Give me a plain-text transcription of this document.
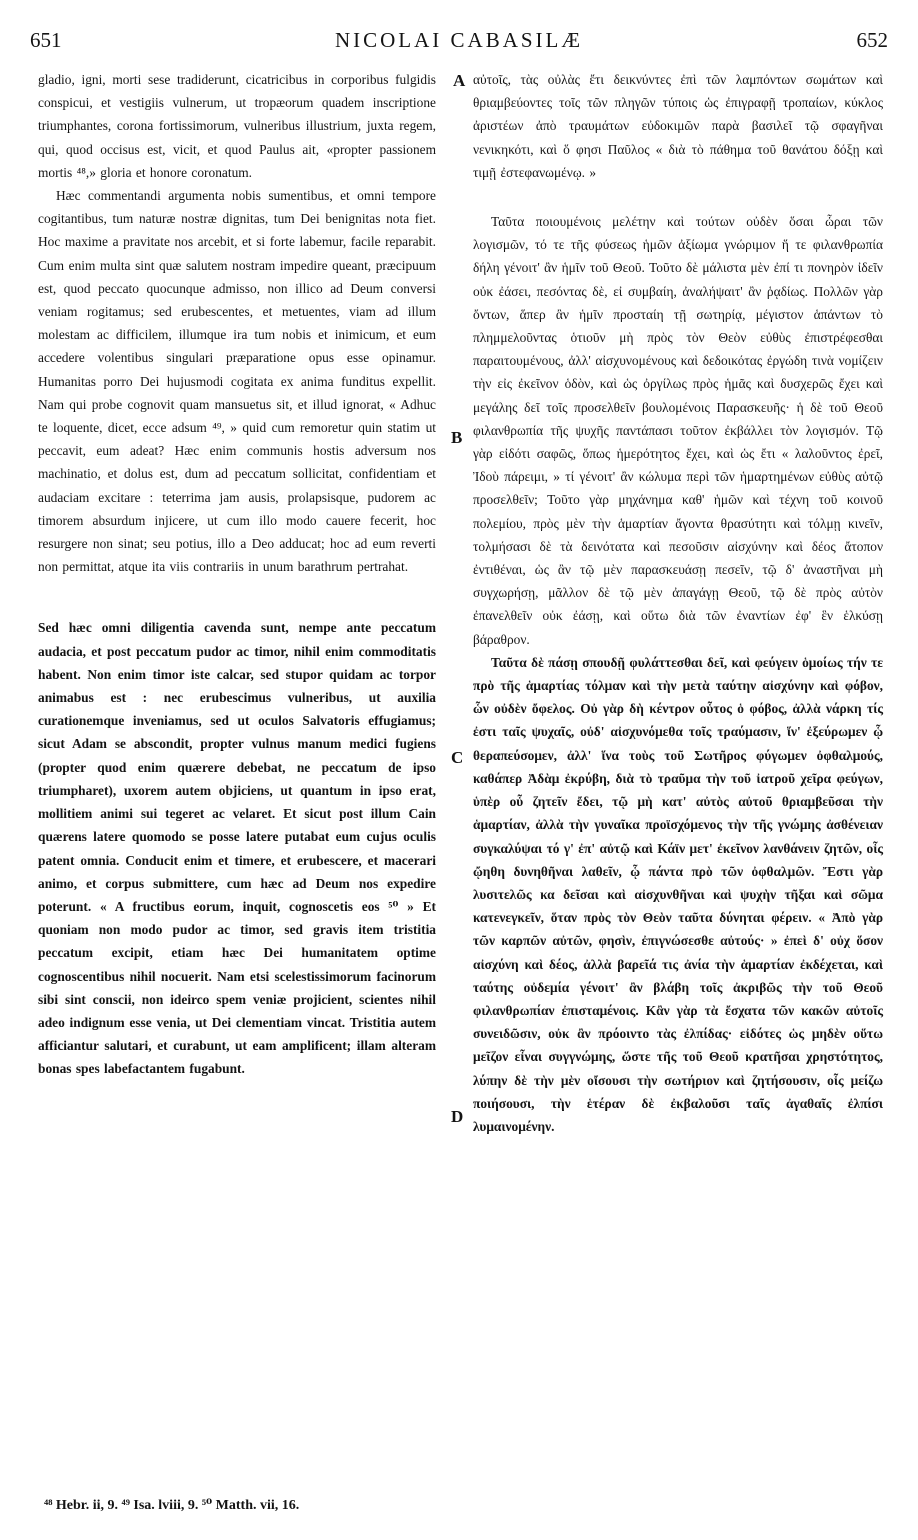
651	NICOLAI CABASILÆ	652

gladio, igni, morti sese tradiderunt, cicatricibus in corporibus fulgidis conspicui, et vestigiis vulnerum, ut tropæorum quadem inscriptione triumphantes, corona fortissimorum, vulneribus illustrium, juxta regem, qui, quod occisus est, vicit, et quod Paulus ait, «propter passionem mortis ⁴⁸,» gloria et honore coronatum.

Hæc commentandi argumenta nobis sumentibus, et omni tempore cogitantibus, tum naturæ nostræ dignitas, tum Dei benignitas nota fiet. Hoc maxime a pravitate nos arcebit, et si forte labemur, facile reparabit. Cum enim multa sint quæ salutem nostram impedire queant, præcipuum est, quod peccato quocunque admisso, non illico ad Deum conversi veniam rogitamus; sed erubescentes, et metuentes, viam ad illum molestam ac difficilem, illumque ira tum nobis et inimicum, et eum accedere volentibus singulari præparatione opus esse opinamur. Humanitas porro Dei hujusmodi cogitata ex anima funditus expellit. Nam qui probe cognovit quam mansuetus sit, et illud ignorat, « Adhuc te loquente, dicet, ecce adsum ⁴⁹, » quid cum remoretur quin statim ut peccavit, eum adeat? Hæc enim communis hostis adversum nos machinatio, et dolus est, dum ad peccatum sollicitat, confidentiam et audaciam excitare : teterrima jam ausis, prolapsisque, pudorem ac timorem absurdum injicere, ut cum illo modo cauere fecerit, hoc resurgere non sinat; seu potius, illo a Deo adducat; hoc ad eum reverti non permittat, atque ita viis contrariis in unum barathrum pertrahat.

Sed hæc omni diligentia cavenda sunt, nempe ante peccatum audacia, et post peccatum pudor ac timor, nihil enim commoditatis habent. Non enim timor iste calcar, sed stupor quidam ac torpor animabus est : nec erubescimus vulneribus, ut auxilia curationemque inveniamus, sed ut oculos Salvatoris effugiamus; sicut Adam se abscondit, propter vulnus manum medici fugiens (propter quod enim quærere debebat, ne peccatum de ipso triumpharet), uxorem autem objiciens, ut quantum in ipso erat, mollitiem animi sui tegeret ac velaret. Et sicut post illum Cain quærens latere quomodo se posse latere putabat eum cujus oculis patent omnia. Conducit enim et timere, et erubescere, et macerari animo, et corpus submittere, cum hæc ad Deum nos expedire poterunt. « A fructibus eorum, inquit, cognoscetis eos ⁵⁰ » Et quoniam non modo pudor ac timor, sed gravis item tristitia peccatum excipit, etiam hæc Dei humanitatem optime cognoscentibus nihil nocuerit. Nam etsi scelestissimorum facinorum sibi sint conscii, non ideirco spem veniæ projicient, scientes nihil adeo indignum esse venia, ut Dei clementiam vincat. Tristitia autem afficiantur salutari, et curabunt, ut eam amplificent; illam alteram bonas spes labefactantem fugabunt.

αὐτοῖς, τὰς οὐλὰς ἔτι δεικνύντες ἐπὶ τῶν λαμπόντων σωμάτων καὶ θριαμβεύοντες τοῖς τῶν πληγῶν τύποις ὡς ἐπιγραφῇ τροπαίων, κύκλος ἀριστέων ἀπὸ τραυμάτων εὐδοκιμῶν παρὰ βασιλεῖ τῷ σφαγῆναι νενικηκότι, καὶ ὅ φησι Παῦλος « διὰ τὸ πάθημα τοῦ θανάτου δόξῃ καὶ τιμῇ ἐστεφανωμένῳ. »

Ταῦτα ποιουμένοις μελέτην καὶ τούτων οὐδὲν ὅσαι ὧραι τῶν λογισμῶν, τό τε τῆς φύσεως ἡμῶν ἀξίωμα γνώριμον ἥ τε φιλανθρωπία δήλη γένοιτ' ἂν ἡμῖν τοῦ Θεοῦ. Τοῦτο δὲ μάλιστα μὲν ἐπί τι πονηρὸν ἰδεῖν οὐκ ἐάσει, πεσόντας δὲ, εἰ συμβαίη, ἀναλήψαιτ' ἂν ῥᾳδίως. Πολλῶν γὰρ ὄντων, ἅπερ ἂν ἡμῖν προσταίη τῇ σωτηρίᾳ, μέγιστον ἁπάντων τὸ πλημμελοῦντας ὁτιοῦν μὴ πρὸς τὸν Θεὸν εὐθὺς ἐπιστρέφεσθαι παραιτουμένους, ἀλλ' αἰσχυνομένους καὶ δεδοικότας ἐργώδη τινὰ νομίζειν τὴν εἰς ἐκεῖνον ὁδὸν, καὶ ὡς ὀργίλως πρὸς ἡμᾶς καὶ δυσχερῶς ἔχει καὶ μεγάλης δεῖ τοῖς προσελθεῖν βουλομένοις Παρασκευῆς· ἡ δὲ τοῦ Θεοῦ φιλανθρωπία τῆς ψυχῆς παντάπασι τοῦτον ἐκβάλλει τὸν λογισμόν. Τῷ γὰρ εἰδότι σαφῶς, ὅπως ἡμερότητος ἔχει, καὶ ὡς ἔτι « λαλοῦντος ἐρεῖ, Ἰδοὺ πάρειμι, » τί γένοιτ' ἂν κώλυμα περὶ τῶν ἡμαρτημένων εὐθὺς αὐτῷ προσελθεῖν; Τοῦτο γὰρ μηχάνημα καθ' ἡμῶν καὶ τέχνη τοῦ κοινοῦ πολεμίου, πρὸς μὲν τὴν ἁμαρτίαν ἄγοντα θρασύτητι καὶ τόλμῃ κινεῖν, τολμήσασι δὲ τὰ δεινότατα καὶ πεσοῦσιν αἰσχύνην καὶ δέος ἄτοπον ἐντιθέναι, ὡς ἂν τῷ μὲν παρασκευάσῃ πεσεῖν, τῷ δ' ἀναστῆναι μὴ συγχωρήσῃ, μᾶλλον δὲ τῷ μὲν ἀπαγάγῃ Θεοῦ, τῷ δὲ πρὸς αὐτὸν ἐπανελθεῖν οὐκ ἐάσῃ, καὶ οὕτω διὰ τῶν ἐναντίων ἐφ' ἓν ἑλκύσῃ βάραθρον.

Ταῦτα δὲ πάσῃ σπουδῇ φυλάττεσθαι δεῖ, καὶ φεύγειν ὁμοίως τήν τε πρὸ τῆς ἁμαρτίας τόλμαν καὶ τὴν μετὰ ταύτην αἰσχύνην καὶ φόβον, ὧν οὐδὲν ὄφελος. Οὐ γὰρ δὴ κέντρον οὗτος ὁ φόβος, ἀλλὰ νάρκη τίς ἐστι ταῖς ψυχαῖς, οὐδ' αἰσχυνόμεθα τοῖς τραύμασιν, ἵν' ἐξεύρωμεν ᾧ θεραπεύσομεν, ἀλλ' ἵνα τοὺς τοῦ Σωτῆρος φύγωμεν ὀφθαλμούς, καθάπερ Ἀδὰμ ἐκρύβη, διὰ τὸ τραῦμα τὴν τοῦ ἰατροῦ χεῖρα φεύγων, ὑπὲρ οὗ ζητεῖν ἔδει, τῷ μὴ κατ' αὐτὸς αὐτοῦ θριαμβεῦσαι τὴν ἁμαρτίαν, ἀλλὰ τὴν γυναῖκα προϊσχόμενος τὴν τῆς γνώμης ἀσθένειαν συγκαλύψαι τό γ' ἐπ' αὐτῷ καὶ Κάϊν μετ' ἐκεῖνον λανθάνειν ζητῶν, οἷς ᾤηθη δυνηθῆναι λαθεῖν, ᾧ πάντα πρὸ τῶν ὀφθαλμῶν. Ἔστι γὰρ λυσιτελῶς κα δεῖσαι καὶ αἰσχυνθῆναι καὶ ψυχὴν τῆξαι καὶ σῶμα κατενεγκεῖν, ὅταν πρὸς τὸν Θεὸν ταῦτα δύνηται φέρειν. « Ἀπὸ γὰρ τῶν καρπῶν αὐτῶν, φησὶν, ἐπιγνώσεσθε αὐτούς· » ἐπεὶ δ' οὐχ ὅσον αἰσχύνη καὶ δέος, ἀλλὰ βαρεῖά τις ἀνία τὴν ἁμαρτίαν ἐκδέχεται, καὶ ταύτης οὐδεμία γένοιτ' ἂν βλάβη τοῖς ἀκριβῶς τὴν τοῦ Θεοῦ φιλανθρωπίαν ἐπισταμένοις. Κἂν γὰρ τὰ ἔσχατα τῶν κακῶν αὐτοῖς συνειδῶσιν, οὐκ ἂν πρόοιντο τὰς ἐλπίδας· εἰδότες ὡς μηδὲν οὕτω μεῖζον εἶναι συγγνώμης, ὥστε τῆς τοῦ Θεοῦ κρατῆσαι χρηστότητος, λύπην δὲ τὴν μὲν οἴσουσι τὴν σωτήριον καὶ ζητήσουσιν, οἷς μείζω ποιήσουσι, τὴν ἑτέραν δὲ ἐκβαλοῦσι ταῖς ἀγαθαῖς ἐλπίσι λυμαινομένην.

A
B
C
D
⁴⁸ Hebr. ii, 9. ⁴⁹ Isa. lviii, 9. ⁵⁰ Matth. vii, 16.
